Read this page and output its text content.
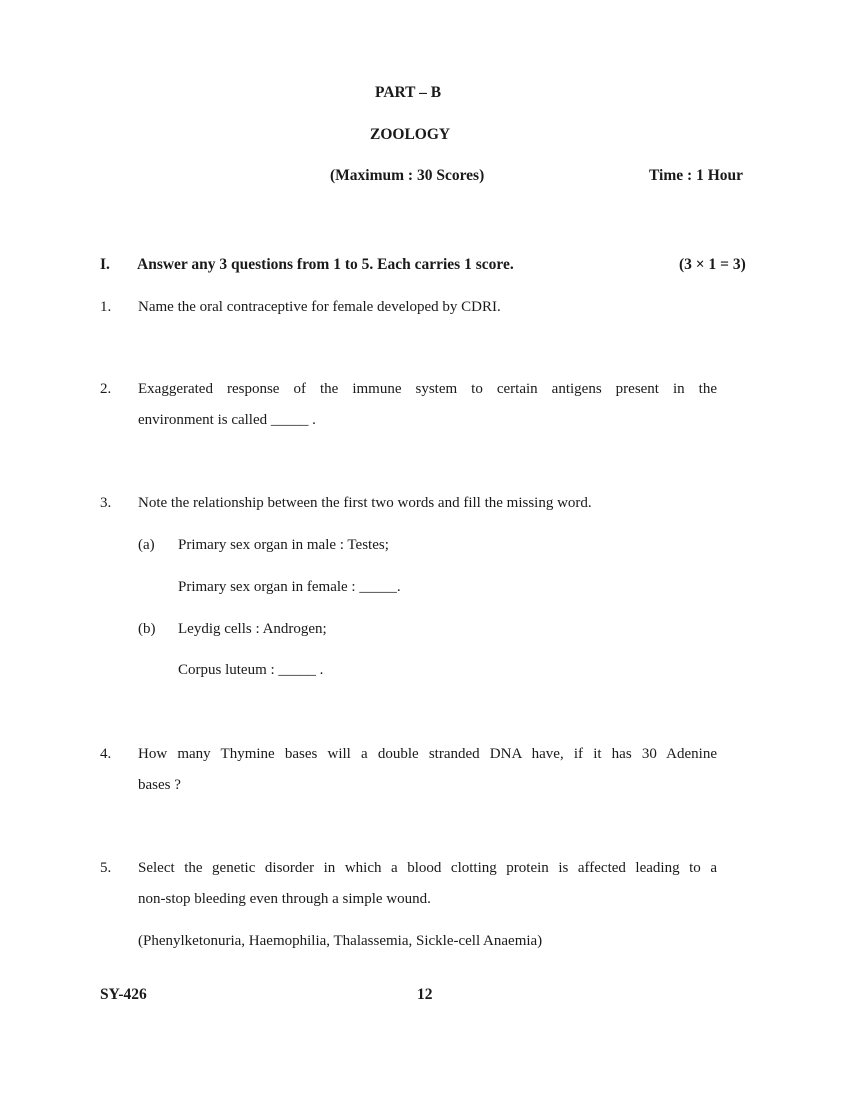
PART – B
ZOOLOGY
(Maximum : 30 Scores)	Time : 1 Hour
I. Answer any 3 questions from 1 to 5. Each carries 1 score.	(3 × 1 = 3)
1. Name the oral contraceptive for female developed by CDRI.
2. Exaggerated response of the immune system to certain antigens present in the
environment is called _____ .
3. Note the relationship between the first two words and fill the missing word.
(a) Primary sex organ in male : Testes;
Primary sex organ in female : _____.
(b) Leydig cells : Androgen;
Corpus luteum : _____ .
4. How many Thymine bases will a double stranded DNA have, if it has 30 Adenine
bases ?
5. Select the genetic disorder in which a blood clotting protein is affected leading to a
non-stop bleeding even through a simple wound.
(Phenylketonuria, Haemophilia, Thalassemia, Sickle-cell Anaemia)
SY-426	12
